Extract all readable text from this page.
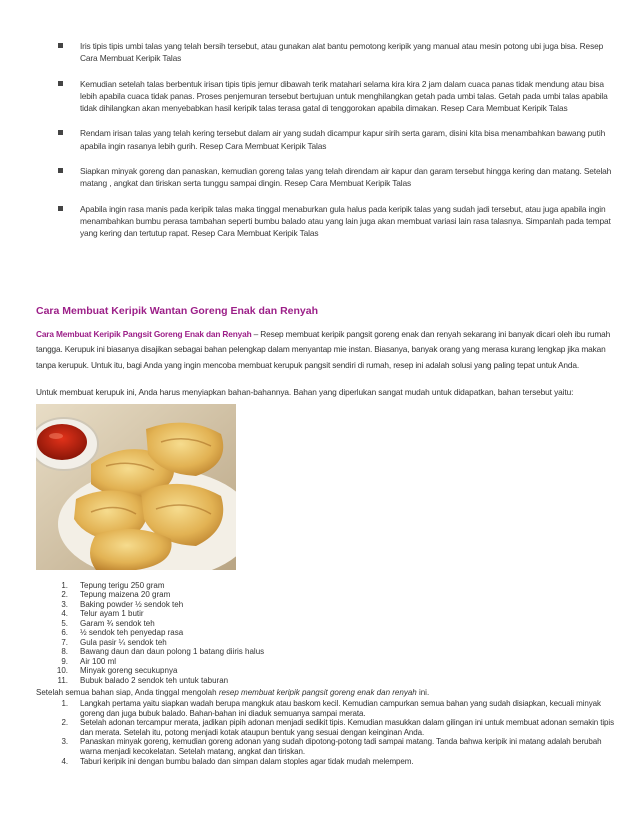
Iris tipis tipis umbi talas yang telah bersih tersebut, atau gunakan alat bantu pemotong keripik yang manual atau mesin potong ubi juga bisa. Resep Cara Membuat Keripik Talas
Kemudian setelah talas berbentuk irisan tipis tipis jemur dibawah terik matahari selama kira kira 2 jam dalam cuaca panas tidak mendung atau bisa lebih apabila cuaca tidak panas. Proses penjemuran tersebut bertujuan untuk menghilangkan getah pada umbi talas. Getah pada umbi talas apabila tidak dihilangkan akan menyebabkan hasil keripik talas terasa gatal di tenggorokan apabila dimakan. Resep Cara Membuat Keripik Talas
Rendam irisan talas yang telah kering tersebut dalam air yang sudah dicampur kapur sirih serta garam, disini kita bisa menambahkan bawang putih apabila ingin rasanya lebih gurih. Resep Cara Membuat Keripik Talas
Siapkan minyak goreng dan panaskan, kemudian goreng talas yang telah direndam air kapur dan garam tersebut hingga kering dan matang. Setelah matang , angkat dan tiriskan serta tunggu sampai dingin. Resep Cara Membuat Keripik Talas
Apabila ingin rasa manis pada keripik talas maka tinggal menaburkan gula halus pada keripik talas yang sudah jadi tersebut, atau juga apabila ingin menambahkan bumbu perasa tambahan seperti bumbu balado atau yang lain juga akan membuat variasi lain rasa talasnya. Simpanlah pada tempat yang kering dan tertutup rapat. Resep Cara Membuat Keripik Talas
Cara Membuat Keripik Wantan Goreng Enak dan Renyah

Cara Membuat Keripik Pangsit Goreng Enak dan Renyah – Resep membuat keripik pangsit goreng enak dan renyah sekarang ini banyak dicari oleh ibu rumah tangga. Kerupuk ini biasanya disajikan sebagai bahan pelengkap dalam menyantap mie instan. Biasanya, banyak orang yang merasa kurang lengkap jika makan tanpa kerupuk. Untuk itu, bagi Anda yang ingin mencoba membuat kerupuk pangsit sendiri di rumah, resep ini adalah solusi yang paling tepat untuk Anda.

Untuk membuat kerupuk ini, Anda harus menyiapkan bahan-bahannya. Bahan yang diperlukan sangat mudah untuk didapatkan, bahan tersebut yaitu:

1. Tepung terigu 250 gram
2. Tepung maizena 20 gram
3. Baking powder ½ sendok teh
4. Telur ayam 1 butir
5. Garam ¾ sendok teh
6. ½ sendok teh penyedap rasa
7. Gula pasir ¼ sendok teh
8. Bawang daun dan daun polong 1 batang diiris halus
9. Air 100 ml
10. Minyak goreng secukupnya
11. Bubuk balado 2 sendok teh untuk taburan

Setelah semua bahan siap, Anda tinggal mengolah resep membuat keripik pangsit goreng enak dan renyah ini.

1. Langkah pertama yaitu siapkan wadah berupa mangkuk atau baskom kecil. Kemudian campurkan semua bahan yang sudah disiapkan, kecuali minyak goreng dan juga bubuk balado. Bahan-bahan ini diaduk semuanya sampai merata.
2. Setelah adonan tercampur merata, jadikan pipih adonan menjadi sedikit tipis. Kemudian masukkan dalam gilingan ini untuk membuat adonan semakin tipis dan merata. Setelah itu, potong menjadi kotak ataupun bentuk yang sesuai dengan keinginan Anda.
3. Panaskan minyak goreng, kemudian goreng adonan yang sudah dipotong-potong tadi sampai matang. Tanda bahwa keripik ini matang adalah berubah warna menjadi kecokelatan. Setelah matang, angkat dan tiriskan.
4. Taburi keripik ini dengan bumbu balado dan simpan dalam stoples agar tidak mudah melempem.
